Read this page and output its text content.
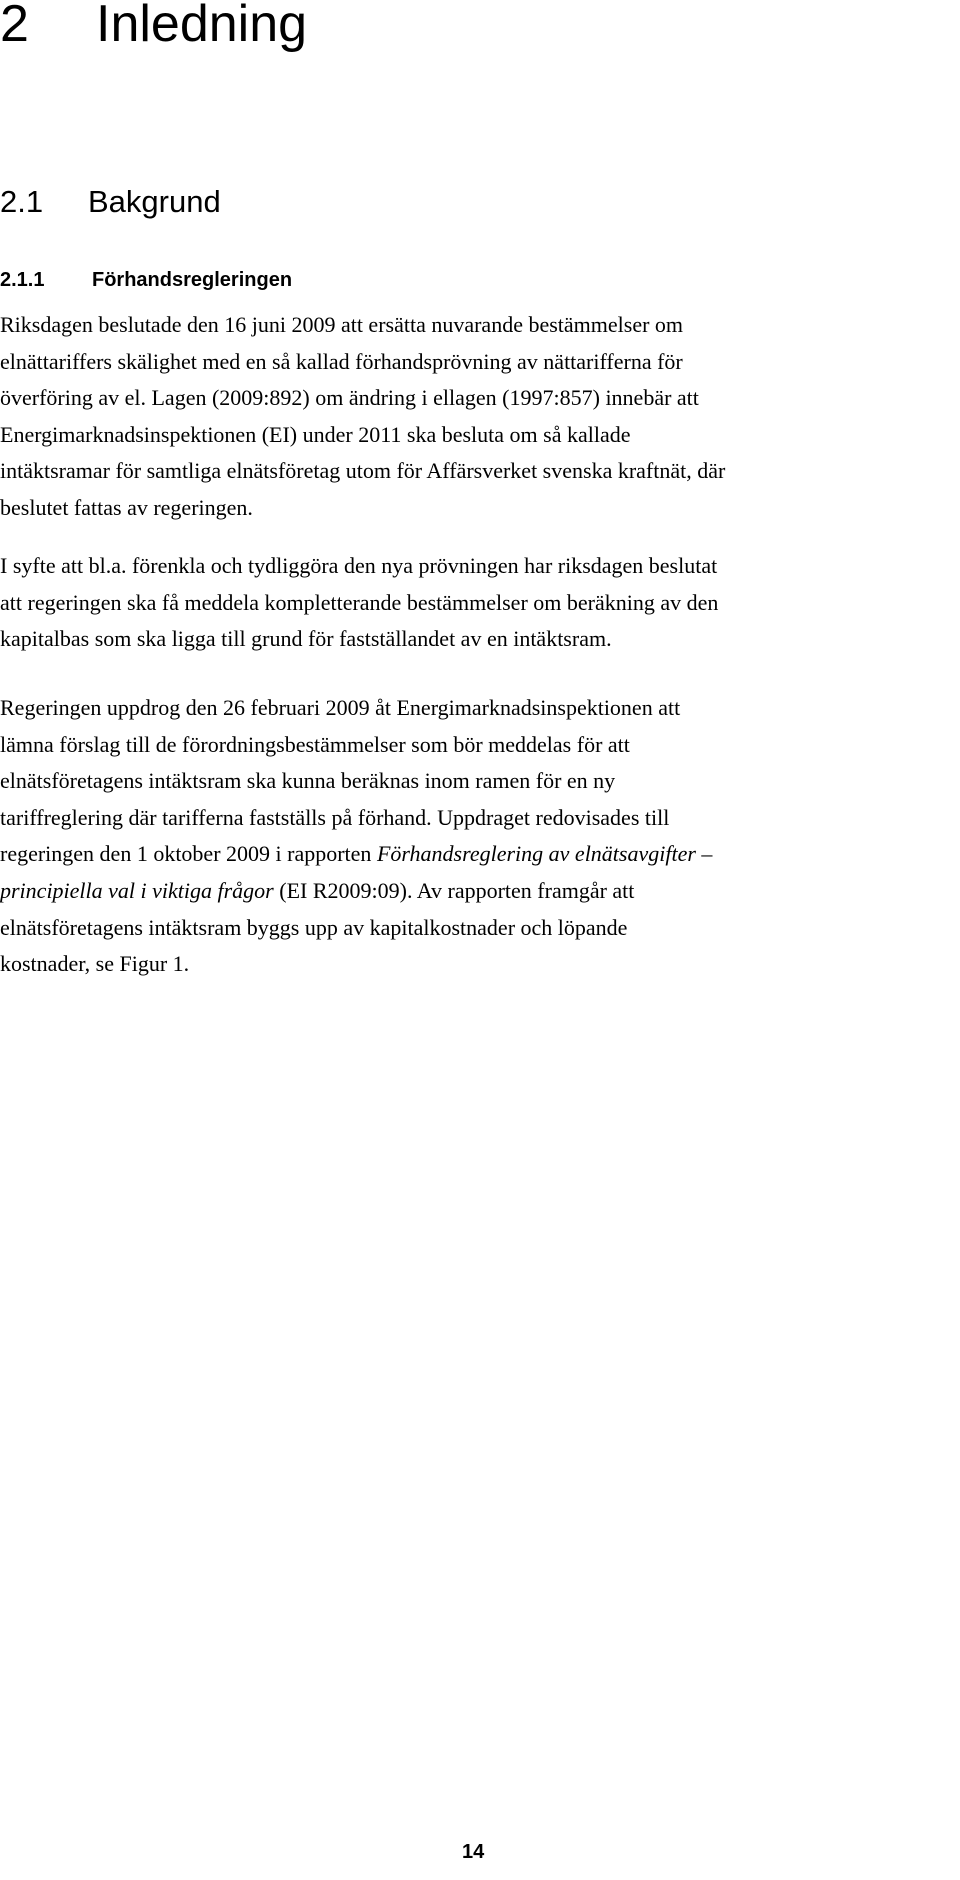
2 Inledning
2.1 Bakgrund
2.1.1 Förhandsregleringen

Riksdagen beslutade den 16 juni 2009 att ersätta nuvarande bestämmelser om
elnättariffers skälighet med en så kallad förhandsprövning av nättarifferna för
överföring av el. Lagen (2009:892) om ändring i ellagen (1997:857) innebär att
Energimarknadsinspektionen (EI) under 2011 ska besluta om så kallade
intäktsramar för samtliga elnätsföretag utom för Affärsverket svenska kraftnät, där
beslutet fattas av regeringen.

I syfte att bl.a. förenkla och tydliggöra den nya prövningen har riksdagen beslutat
att regeringen ska få meddela kompletterande bestämmelser om beräkning av den
kapitalbas som ska ligga till grund för fastställandet av en intäktsram.

Regeringen uppdrog den 26 februari 2009 åt Energimarknadsinspektionen att
lämna förslag till de förordningsbestämmelser som bör meddelas för att
elnätsföretagens intäktsram ska kunna beräknas inom ramen för en ny
tariffreglering där tarifferna fastställs på förhand. Uppdraget redovisades till
regeringen den 1 oktober 2009 i rapporten Förhandsreglering av elnätsavgifter –
principiella val i viktiga frågor (EI R2009:09). Av rapporten framgår att
elnätsföretagens intäktsram byggs upp av kapitalkostnader och löpande
kostnader, se Figur 1.

14
